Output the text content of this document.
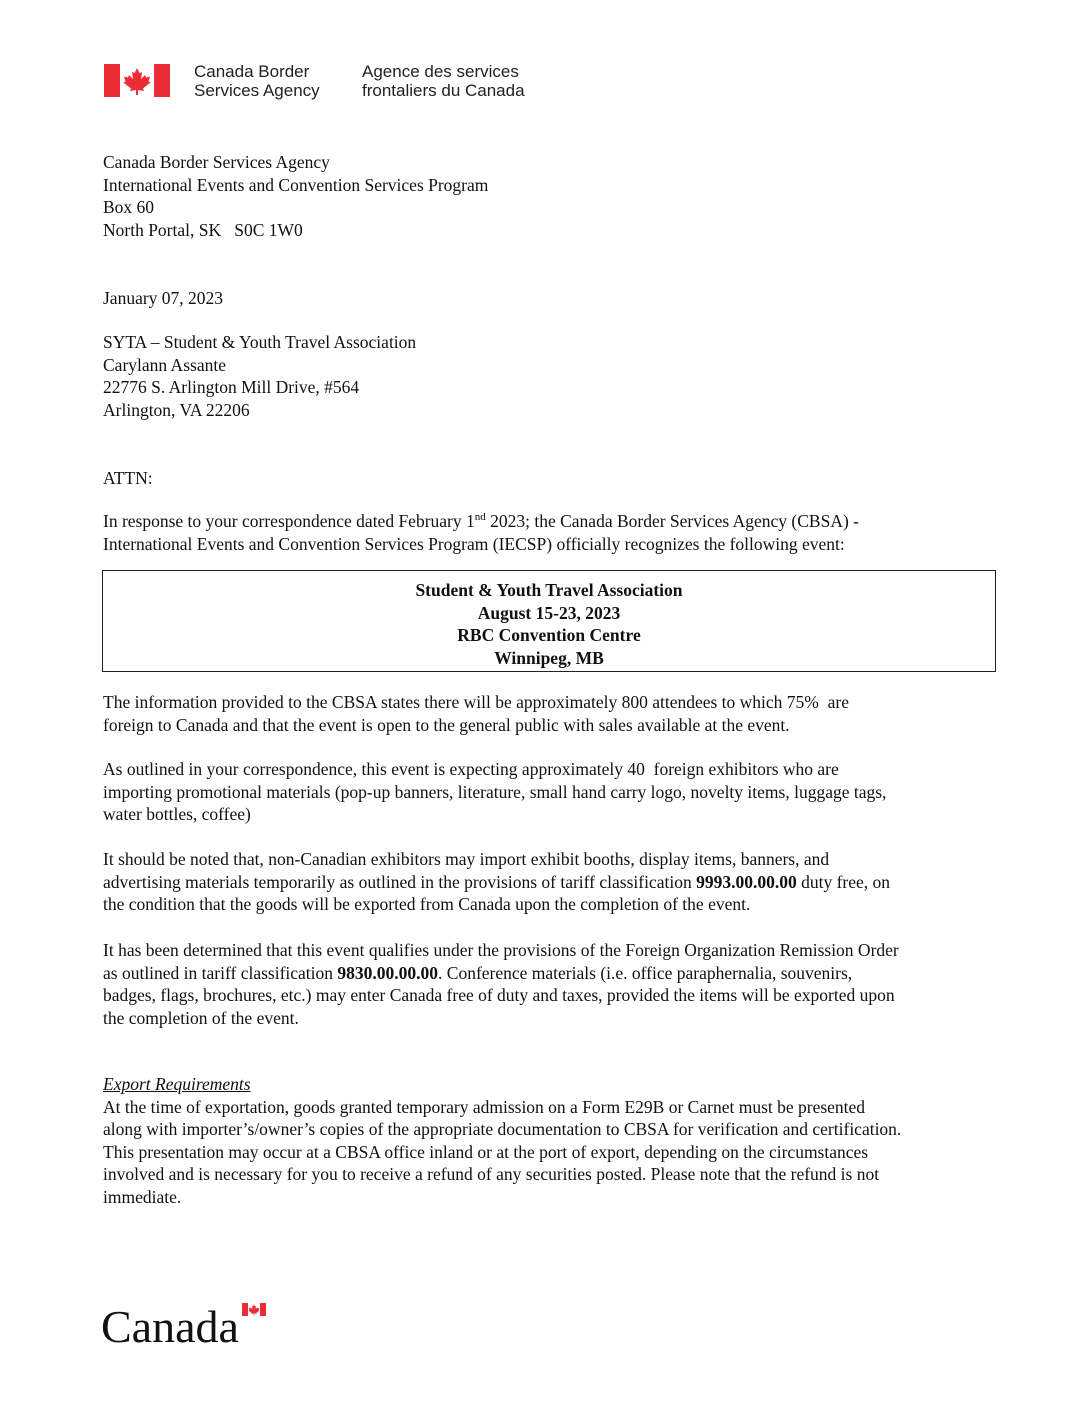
Canada Border
Services Agency
Agence des services
frontaliers du Canada
Canada Border Services Agency
International Events and Convention Services Program
Box 60
North Portal, SK   S0C 1W0
January 07, 2023
SYTA – Student & Youth Travel Association
Carylann Assante
22776 S. Arlington Mill Drive, #564
Arlington, VA 22206
ATTN:
In response to your correspondence dated February 1nd 2023; the Canada Border Services Agency (CBSA) -
International Events and Convention Services Program (IECSP) officially recognizes the following event:
Student & Youth Travel Association
August 15-23, 2023
RBC Convention Centre
Winnipeg, MB
The information provided to the CBSA states there will be approximately 800 attendees to which 75%  are
foreign to Canada and that the event is open to the general public with sales available at the event.
As outlined in your correspondence, this event is expecting approximately 40  foreign exhibitors who are
importing promotional materials (pop-up banners, literature, small hand carry logo, novelty items, luggage tags,
water bottles, coffee)
It should be noted that, non-Canadian exhibitors may import exhibit booths, display items, banners, and
advertising materials temporarily as outlined in the provisions of tariff classification 9993.00.00.00 duty free, on
the condition that the goods will be exported from Canada upon the completion of the event.
It has been determined that this event qualifies under the provisions of the Foreign Organization Remission Order
as outlined in tariff classification 9830.00.00.00. Conference materials (i.e. office paraphernalia, souvenirs,
badges, flags, brochures, etc.) may enter Canada free of duty and taxes, provided the items will be exported upon
the completion of the event.
Export Requirements
At the time of exportation, goods granted temporary admission on a Form E29B or Carnet must be presented
along with importer’s/owner’s copies of the appropriate documentation to CBSA for verification and certification.
This presentation may occur at a CBSA office inland or at the port of export, depending on the circumstances
involved and is necessary for you to receive a refund of any securities posted. Please note that the refund is not
immediate.
Canada
